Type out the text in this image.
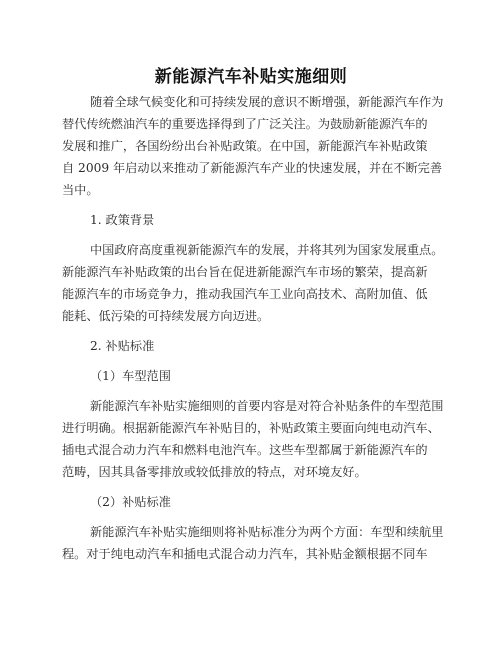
新能源汽车补贴实施细则
随着全球气候变化和可持续发展的意识不断增强，新能源汽车作为
替代传统燃油汽车的重要选择得到了广泛关注。为鼓励新能源汽车的
发展和推广，各国纷纷出台补贴政策。在中国，新能源汽车补贴政策
自 2009 年启动以来推动了新能源汽车产业的快速发展，并在不断完善
当中。
1. 政策背景
中国政府高度重视新能源汽车的发展，并将其列为国家发展重点。
新能源汽车补贴政策的出台旨在促进新能源汽车市场的繁荣，提高新
能源汽车的市场竞争力，推动我国汽车工业向高技术、高附加值、低
能耗、低污染的可持续发展方向迈进。
2. 补贴标准
（1）车型范围
新能源汽车补贴实施细则的首要内容是对符合补贴条件的车型范围
进行明确。根据新能源汽车补贴目的，补贴政策主要面向纯电动汽车、
插电式混合动力汽车和燃料电池汽车。这些车型都属于新能源汽车的
范畴，因其具备零排放或较低排放的特点，对环境友好。
（2）补贴标准
新能源汽车补贴实施细则将补贴标准分为两个方面：车型和续航里
程。对于纯电动汽车和插电式混合动力汽车，其补贴金额根据不同车
